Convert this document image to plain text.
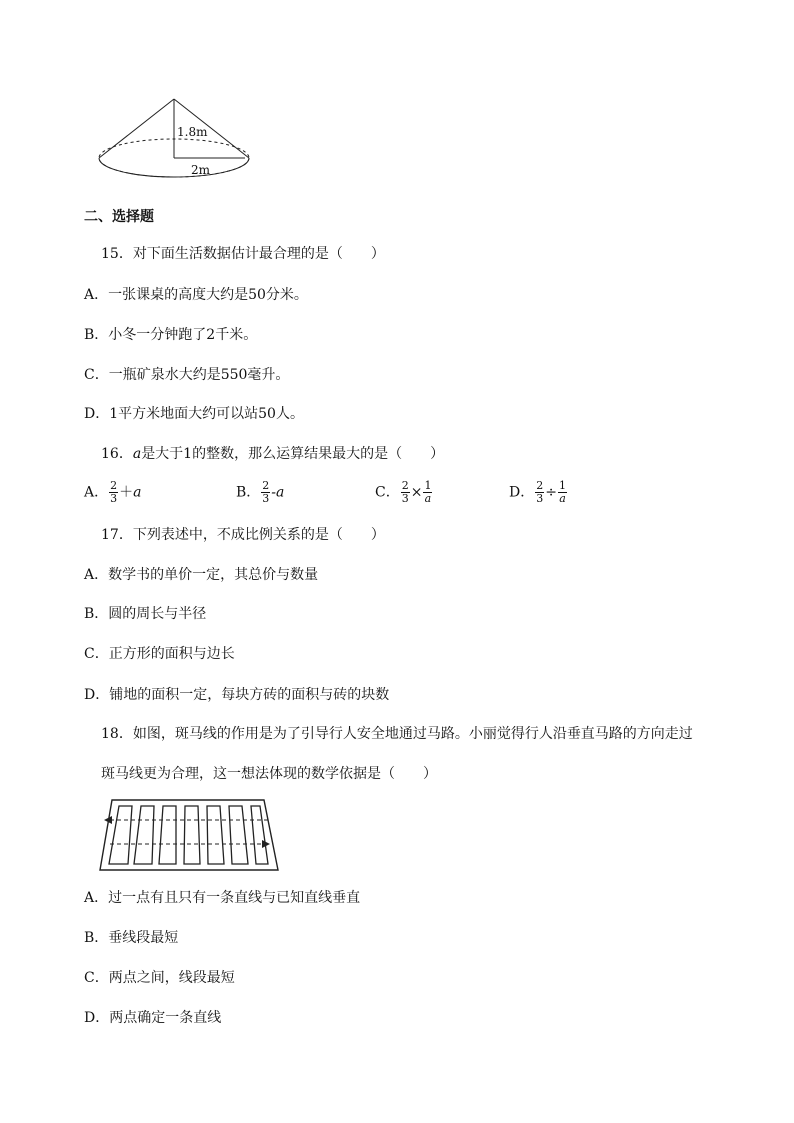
1.8m
2m
二、选择题
15．对下面生活数据估计最合理的是（　　）
A．一张课桌的高度大约是50分米。
B．小冬一分钟跑了2千米。
C．一瓶矿泉水大约是550毫升。
D．1平方米地面大约可以站50人。
16．a是大于1的整数，那么运算结果最大的是（　　）
A． $\frac{2}{3} +a$	B． $\frac{2}{3} -a$	C． $\frac{2}{3} \times \frac{1}{a}$	D． $\frac{2}{3} \div \frac{1}{a}$
17．下列表述中，不成比例关系的是（　　）
A．数学书的单价一定，其总价与数量
B．圆的周长与半径
C．正方形的面积与边长
D．铺地的面积一定，每块方砖的面积与砖的块数
18．如图，斑马线的作用是为了引导行人安全地通过马路。小丽觉得行人沿垂直马路的方向走过
斑马线更为合理，这一想法体现的数学依据是（　　）
A．过一点有且只有一条直线与已知直线垂直
B．垂线段最短
C．两点之间，线段最短
D．两点确定一条直线
